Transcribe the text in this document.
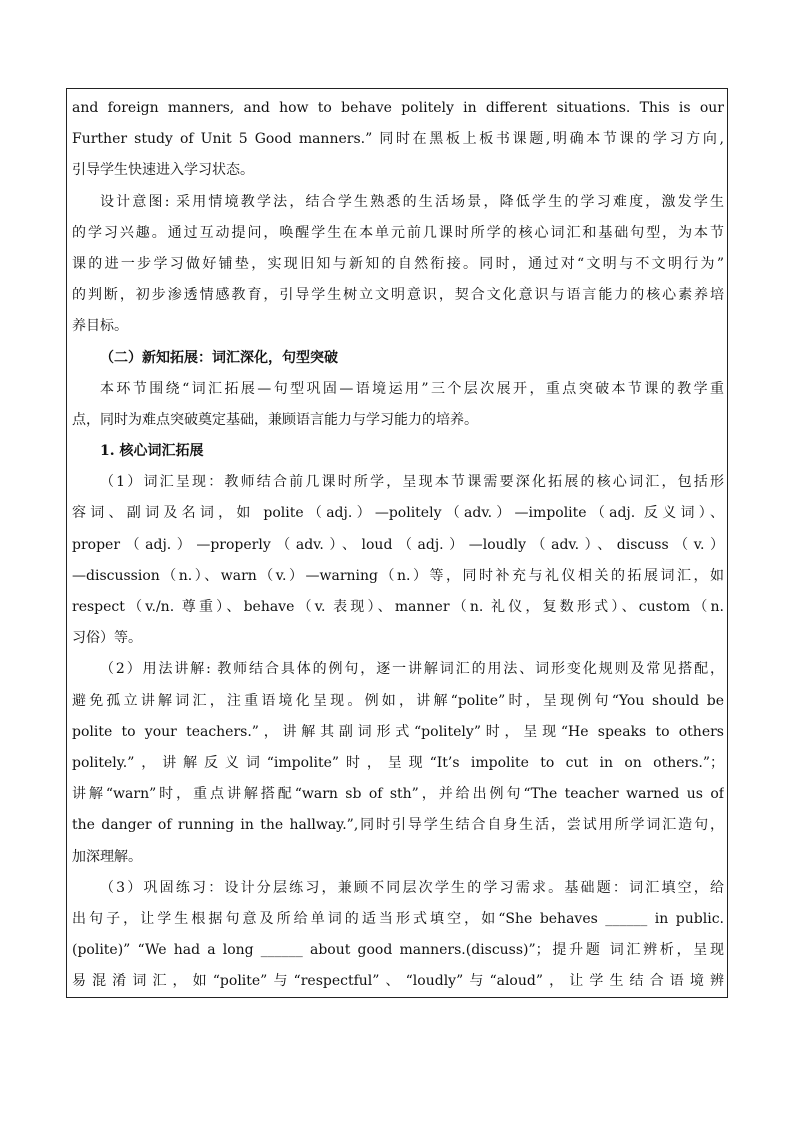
and foreign manners, and how to behave politely in different situations. This is our
Further study of Unit 5 Good manners.” 同时在黑板上板书课题,明确本节课的学习方向,
引导学生快速进入学习状态。
设计意图: 采用情境教学法，结合学生熟悉的生活场景，降低学生的学习难度，激发学生
的学习兴趣。通过互动提问，唤醒学生在本单元前几课时所学的核心词汇和基础句型，为本节
课的进一步学习做好铺垫，实现旧知与新知的自然衔接。同时，通过对“文明与不文明行为”
的判断，初步渗透情感教育，引导学生树立文明意识，契合文化意识与语言能力的核心素养培
养目标。
（二）新知拓展：词汇深化，句型突破
本环节围绕“词汇拓展—句型巩固—语境运用”三个层次展开，重点突破本节课的教学重
点，同时为难点突破奠定基础，兼顾语言能力与学习能力的培养。
1. 核心词汇拓展
（1）词汇呈现：教师结合前几课时所学，呈现本节课需要深化拓展的核心词汇，包括形
容词、副词及名词，如 polite（adj.）—politely（adv.）—impolite（adj. 反义词）、
proper（adj.）—properly（adv.）、loud（adj.）—loudly（adv.）、discuss（v.）
—discussion（n.）、warn（v.）—warning（n.）等，同时补充与礼仪相关的拓展词汇，如
respect（v./n. 尊重）、behave（v. 表现）、manner（n. 礼仪，复数形式）、custom（n.
习俗）等。
（2）用法讲解: 教师结合具体的例句，逐一讲解词汇的用法、词形变化规则及常见搭配，
避免孤立讲解词汇，注重语境化呈现。例如，讲解“polite”时，呈现例句“You should be
polite to your teachers.”，讲解其副词形式“politely”时，呈现“He speaks to others
politely.”，讲解反义词“impolite”时，呈现“It’s impolite to cut in on others.”；
讲解“warn”时，重点讲解搭配“warn sb of sth”，并给出例句“The teacher warned us of
the danger of running in the hallway.”,同时引导学生结合自身生活，尝试用所学词汇造句，
加深理解。
（3）巩固练习：设计分层练习，兼顾不同层次学生的学习需求。基础题：词汇填空，给
出句子，让学生根据句意及所给单词的适当形式填空，如“She behaves ______ in public.
(polite)” “We had a long ______ about good manners.(discuss)”；提升题 词汇辨析，呈现
易混淆词汇，如“polite”与“respectful”、“loudly”与“aloud”，让学生结合语境辨
